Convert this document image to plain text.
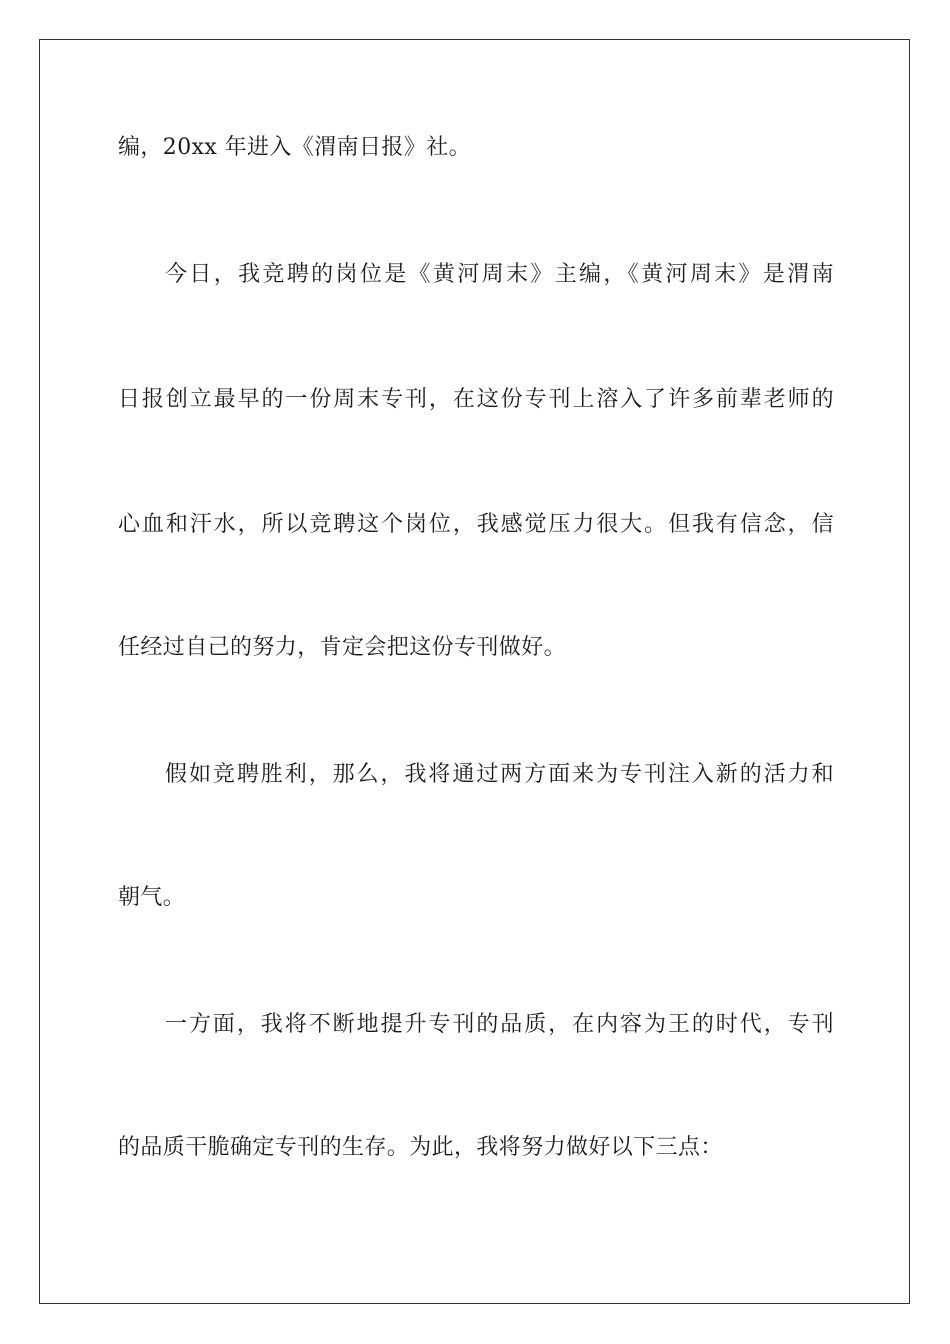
编，20xx 年进入《渭南日报》社。
今日，我竞聘的岗位是《黄河周末》主编，《黄河周末》是渭南
日报创立最早的一份周末专刊，在这份专刊上溶入了许多前辈老师的
心血和汗水，所以竞聘这个岗位，我感觉压力很大。但我有信念，信
任经过自己的努力，肯定会把这份专刊做好。
假如竞聘胜利，那么，我将通过两方面来为专刊注入新的活力和
朝气。
一方面，我将不断地提升专刊的品质，在内容为王的时代，专刊
的品质干脆确定专刊的生存。为此，我将努力做好以下三点：
